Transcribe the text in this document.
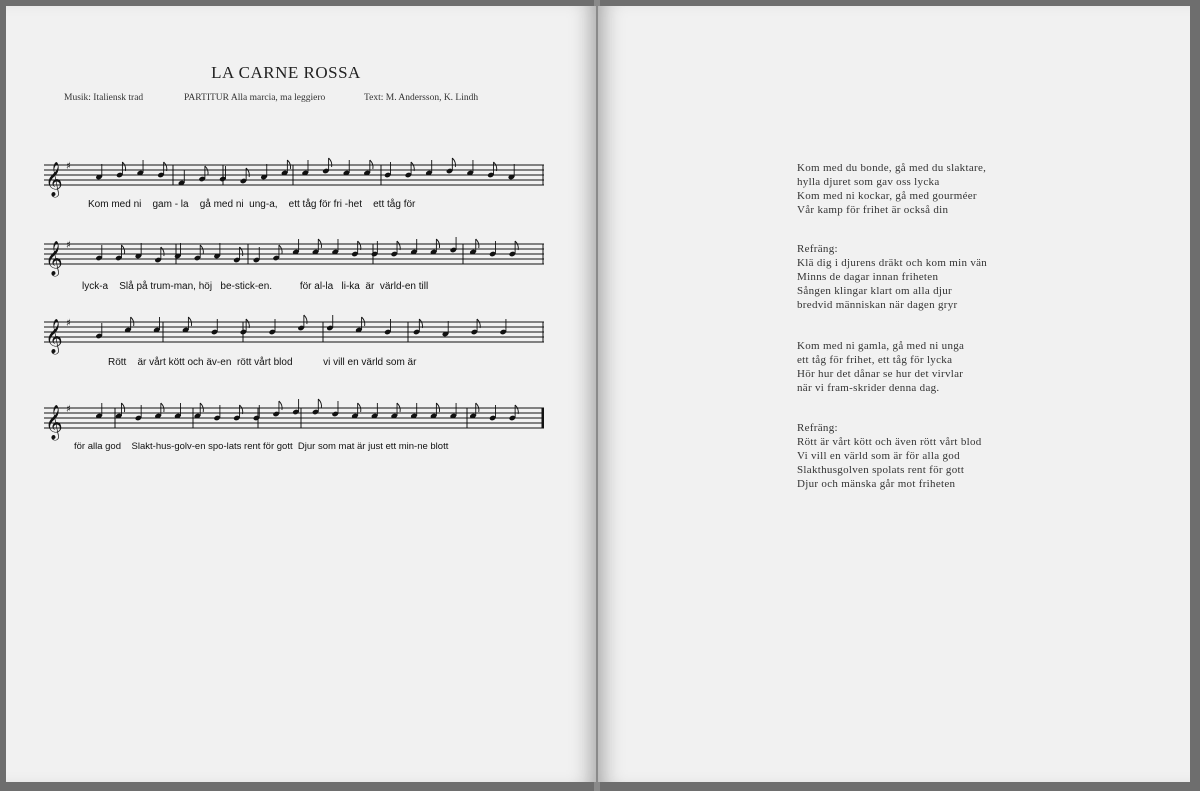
LA CARNE ROSSA
Musik: Italiensk trad	PARTITUR Alla marcia, ma leggiero	Text: M. Andersson, K. Lindh
𝄞 ♯
Kom med ni    gam - la    gå med ni  ung-a,    ett tåg för fri -het    ett tåg för
𝄞 ♯
lyck-a    Slå på trum-man, höj   be-stick-en.          för al-la   li-ka  är  värld-en till
𝄞 ♯
Rött    är vårt kött och äv-en  rött vårt blod           vi vill en värld som är
𝄞 ♯
för alla god    Slakt-hus-golv-en spo-lats rent för gott  Djur som mat är just ett min-ne blott
Kom med du bonde, gå med du slaktare,
hylla djuret som gav oss lycka
Kom med ni kockar, gå med gourméer
Vår kamp för frihet är också din
Refräng:
Klä dig i djurens dräkt och kom min vän
Minns de dagar innan friheten
Sången klingar klart om alla djur
bredvid människan när dagen gryr
Kom med ni gamla, gå med ni unga
ett tåg för frihet, ett tåg för lycka
Hör hur det dånar se hur det virvlar
när vi fram-skrider denna dag.
Refräng:
Rött är vårt kött och även rött vårt blod
Vi vill en värld som är för alla god
Slakthusgolven spolats rent för gott
Djur och mänska går mot friheten
